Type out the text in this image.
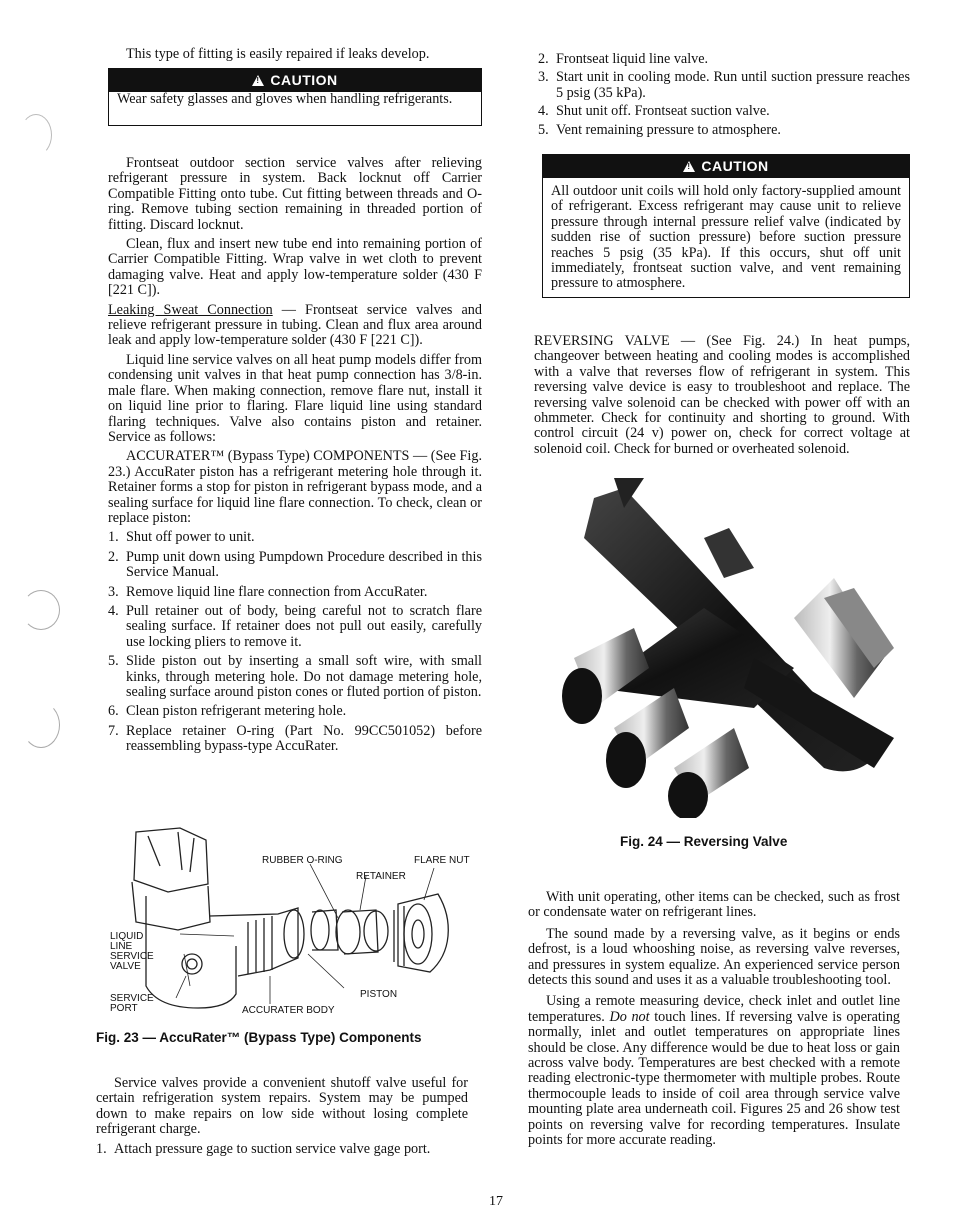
This type of fitting is easily repaired if leaks develop.

!CAUTION
Wear safety glasses and gloves when handling refrigerants.

Frontseat outdoor section service valves after relieving refrigerant pressure in system. Back locknut off Carrier Compatible Fitting onto tube. Cut fitting between threads and O-ring. Remove tubing section remaining in threaded portion of fitting. Discard locknut.

Clean, flux and insert new tube end into remaining portion of Carrier Compatible Fitting. Wrap valve in wet cloth to prevent damaging valve. Heat and apply low-temperature solder (430 F [221 C]).

Leaking Sweat Connection — Frontseat service valves and relieve refrigerant pressure in tubing. Clean and flux area around leak and apply low-temperature solder (430 F [221 C]).

Liquid line service valves on all heat pump models differ from condensing unit valves in that heat pump connection has 3/8-in. male flare. When making connection, remove flare nut, install it on liquid line prior to flaring. Flare liquid line using standard flaring techniques. Valve also contains piston and retainer. Service as follows:

ACCURATER™ (Bypass Type) COMPONENTS — (See Fig. 23.) AccuRater piston has a refrigerant metering hole through it. Retainer forms a stop for piston in refrigerant bypass mode, and a sealing surface for liquid line flare connection. To check, clean or replace piston:

1. Shut off power to unit.
2. Pump unit down using Pumpdown Procedure described in this Service Manual.
3. Remove liquid line flare connection from AccuRater.
4. Pull retainer out of body, being careful not to scratch flare sealing surface. If retainer does not pull out easily, carefully use locking pliers to remove it.
5. Slide piston out by inserting a small soft wire, with small kinks, through metering hole. Do not damage metering hole, sealing surface around piston cones or fluted portion of piston.
6. Clean piston refrigerant metering hole.
7. Replace retainer O-ring (Part No. 99CC501052) before reassembling bypass-type AccuRater.
RUBBER O-RING	FLARE NUT
RETAINER
LIQUID
LINE
SERVICE
VALVE
SERVICE
PORT
PISTON
ACCURATER BODY
Fig. 23 — AccuRater™ (Bypass Type) Components

Service valves provide a convenient shutoff valve useful for certain refrigeration system repairs. System may be pumped down to make repairs on low side without losing complete refrigerant charge.

1. Attach pressure gage to suction service valve gage port.
2. Frontseat liquid line valve.
3. Start unit in cooling mode. Run until suction pressure reaches 5 psig (35 kPa).
4. Shut unit off. Frontseat suction valve.
5. Vent remaining pressure to atmosphere.
!CAUTION
All outdoor unit coils will hold only factory-supplied amount of refrigerant. Excess refrigerant may cause unit to relieve pressure through internal pressure relief valve (indicated by sudden rise of suction pressure) before suction pressure reaches 5 psig (35 kPa). If this occurs, shut off unit immediately, frontseat suction valve, and vent remaining pressure to atmosphere.

REVERSING VALVE — (See Fig. 24.) In heat pumps, changeover between heating and cooling modes is accomplished with a valve that reverses flow of refrigerant in system. This reversing valve device is easy to troubleshoot and replace. The reversing valve solenoid can be checked with power off with an ohmmeter. Check for continuity and shorting to ground. With control circuit (24 v) power on, check for correct voltage at solenoid coil. Check for burned or overheated solenoid.

Fig. 24 — Reversing Valve

With unit operating, other items can be checked, such as frost or condensate water on refrigerant lines.

The sound made by a reversing valve, as it begins or ends defrost, is a loud whooshing noise, as reversing valve reverses, and pressures in system equalize. An experienced service person detects this sound and uses it as a valuable troubleshooting tool.

Using a remote measuring device, check inlet and outlet line temperatures. Do not touch lines. If reversing valve is operating normally, inlet and outlet temperatures on appropriate lines should be close. Any difference would be due to heat loss or gain across valve body. Temperatures are best checked with a remote reading electronic-type thermometer with multiple probes. Route thermocouple leads to inside of coil area through service valve mounting plate area underneath coil. Figures 25 and 26 show test points on reversing valve for recording temperatures. Insulate points for more accurate reading.

17
